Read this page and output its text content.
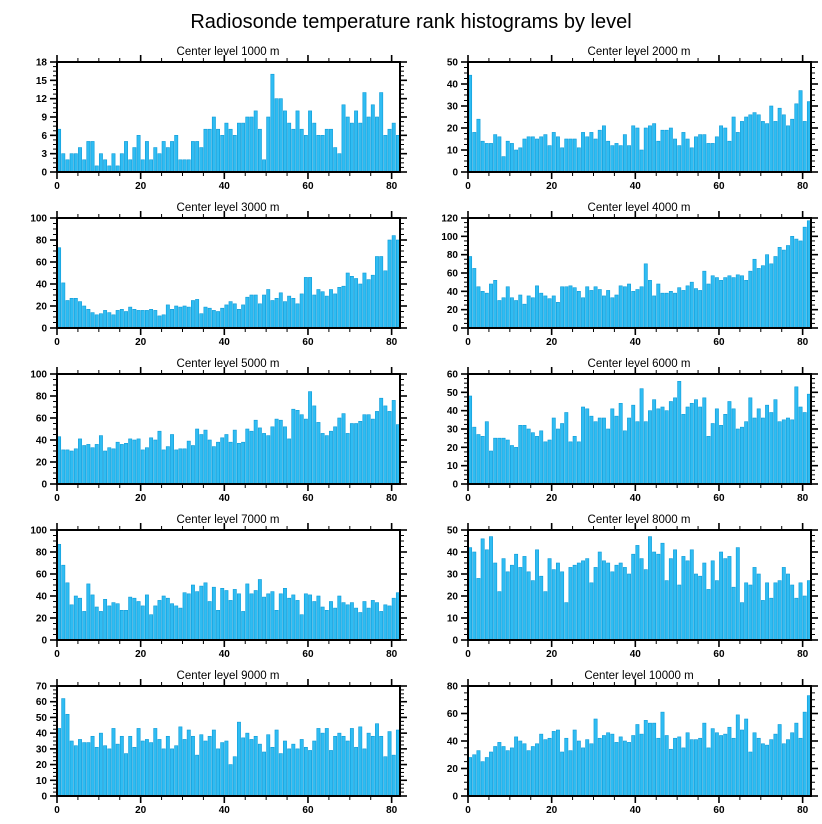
Radiosonde temperature rank histograms by level
Center level 1000 m
0	20	40	60	80
0
3
6
9
12
15
18
Center level 2000 m
0	20	40	60	80
0
10
20
30
40
50
Center level 3000 m
0	20	40	60	80
0
20
40
60
80
100
Center level 4000 m
0	20	40	60	80
0
20
40
60
80
100
120
Center level 5000 m
0	20	40	60	80
0
20
40
60
80
100
Center level 6000 m
0	20	40	60	80
0
10
20
30
40
50
60
Center level 7000 m
0	20	40	60	80
0
20
40
60
80
100
Center level 8000 m
0	20	40	60	80
0
10
20
30
40
50
Center level 9000 m
0	20	40	60	80
0
10
20
30
40
50
60
70
Center level 10000 m
0	20	40	60	80
0
20
40
60
80
